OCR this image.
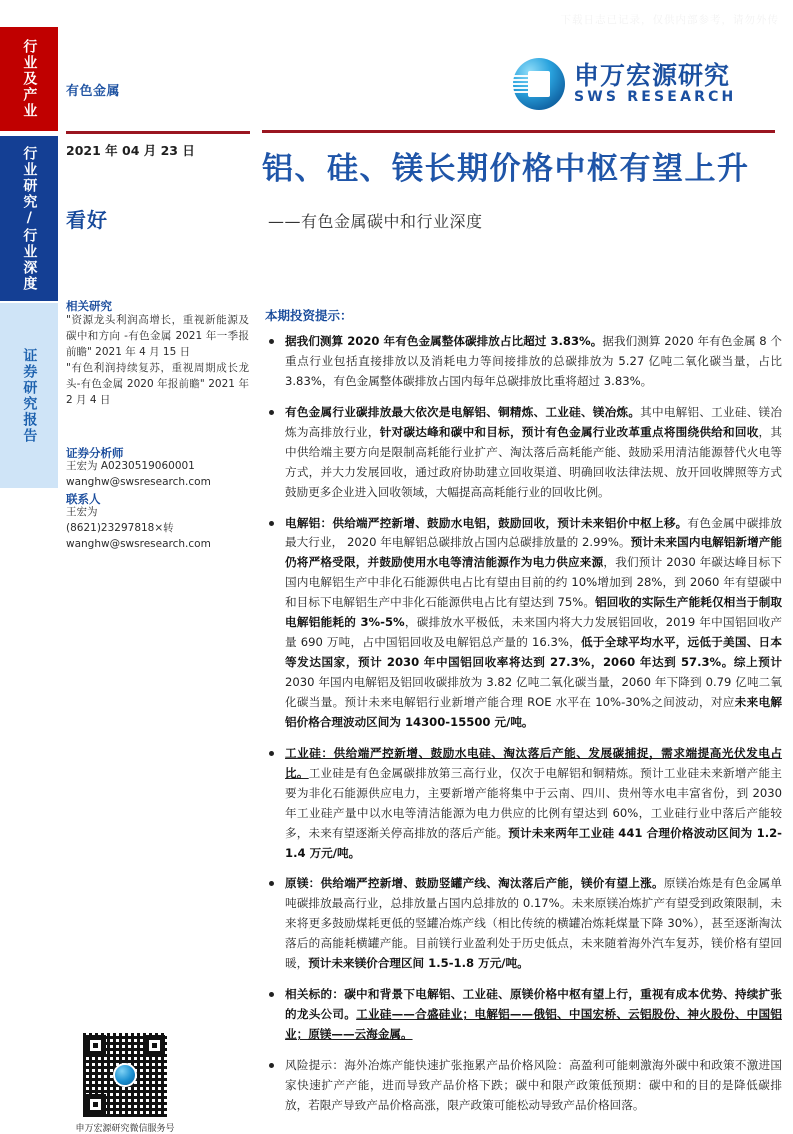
下载日志已记录，仅供内部参考，请勿外传
行业及产业
行业研究/行业深度
证券研究报告
有色金属
2021 年 04 月 23 日
看好
相关研究
"资源龙头利润高增长，重视新能源及碳中和方向 -有色金属 2021 年一季报前瞻" 2021 年 4 月 15 日
"有色利润持续复苏，重视周期成长龙头-有色金属 2020 年报前瞻" 2021 年 2 月 4 日
证券分析师
王宏为 A0230519060001
wanghw@swsresearch.com
联系人
王宏为
(8621)23297818×转
wanghw@swsresearch.com
申万宏源研究微信服务号
申万宏源研究
SWS RESEARCH
铝、硅、镁长期价格中枢有望上升
——有色金属碳中和行业深度
本期投资提示：
据我们测算 2020 年有色金属整体碳排放占比超过 3.83%。据我们测算 2020 年有色金属 8 个重点行业包括直接排放以及消耗电力等间接排放的总碳排放为 5.27 亿吨二氧化碳当量，占比 3.83%，有色金属整体碳排放占国内每年总碳排放比重将超过 3.83%。
有色金属行业碳排放最大依次是电解铝、铜精炼、工业硅、镁冶炼。其中电解铝、工业硅、镁冶炼为高排放行业，针对碳达峰和碳中和目标，预计有色金属行业改革重点将围绕供给和回收，其中供给端主要方向是限制高耗能行业扩产、淘汰落后高耗能产能、鼓励采用清洁能源替代火电等方式，并大力发展回收，通过政府协助建立回收渠道、明确回收法律法规、放开回收牌照等方式鼓励更多企业进入回收领域，大幅提高高耗能行业的回收比例。
电解铝：供给端严控新增、鼓励水电铝，鼓励回收，预计未来铝价中枢上移。有色金属中碳排放最大行业， 2020 年电解铝总碳排放占国内总碳排放量的 2.99%。预计未来国内电解铝新增产能仍将严格受限，并鼓励使用水电等清洁能源作为电力供应来源，我们预计 2030 年碳达峰目标下国内电解铝生产中非化石能源供电占比有望由目前的约 10%增加到 28%，到 2060 年有望碳中和目标下电解铝生产中非化石能源供电占比有望达到 75%。铝回收的实际生产能耗仅相当于制取电解铝能耗的 3%-5%，碳排放水平极低，未来国内将大力发展铝回收，2019 年中国铝回收产量 690 万吨，占中国铝回收及电解铝总产量的 16.3%，低于全球平均水平，远低于美国、日本等发达国家，预计 2030 年中国铝回收率将达到 27.3%，2060 年达到 57.3%。综上预计 2030 年国内电解铝及铝回收碳排放为 3.82 亿吨二氧化碳当量，2060 年下降到 0.79 亿吨二氧化碳当量。预计未来电解铝行业新增产能合理 ROE 水平在 10%-30%之间波动，对应未来电解铝价格合理波动区间为 14300-15500 元/吨。
工业硅：供给端严控新增、鼓励水电硅、淘汰落后产能、发展碳捕捉，需求端提高光伏发电占比。工业硅是有色金属碳排放第三高行业，仅次于电解铝和铜精炼。预计工业硅未来新增产能主要为非化石能源供应电力，主要新增产能将集中于云南、四川、贵州等水电丰富省份，到 2030 年工业硅产量中以水电等清洁能源为电力供应的比例有望达到 60%，工业硅行业中落后产能较多，未来有望逐渐关停高排放的落后产能。预计未来两年工业硅 441 合理价格波动区间为 1.2-1.4 万元/吨。
原镁：供给端严控新增、鼓励竖罐产线、淘汰落后产能，镁价有望上涨。原镁冶炼是有色金属单吨碳排放最高行业，总排放量占国内总排放的 0.17%。未来原镁冶炼扩产有望受到政策限制，未来将更多鼓励煤耗更低的竖罐冶炼产线（相比传统的横罐冶炼耗煤量下降 30%），甚至逐渐淘汰落后的高能耗横罐产能。目前镁行业盈利处于历史低点，未来随着海外汽车复苏，镁价格有望回暖，预计未来镁价合理区间 1.5-1.8 万元/吨。
相关标的：碳中和背景下电解铝、工业硅、原镁价格中枢有望上行，重视有成本优势、持续扩张的龙头公司。工业硅——合盛硅业；电解铝——俄铝、中国宏桥、云铝股份、神火股份、中国铝业；原镁——云海金属。
风险提示：海外冶炼产能快速扩张拖累产品价格风险：高盈利可能刺激海外碳中和政策不激进国家快速扩产产能，进而导致产品价格下跌；碳中和限产政策低预期：碳中和的目的是降低碳排放，若限产导致产品价格高涨，限产政策可能松动导致产品价格回落。
